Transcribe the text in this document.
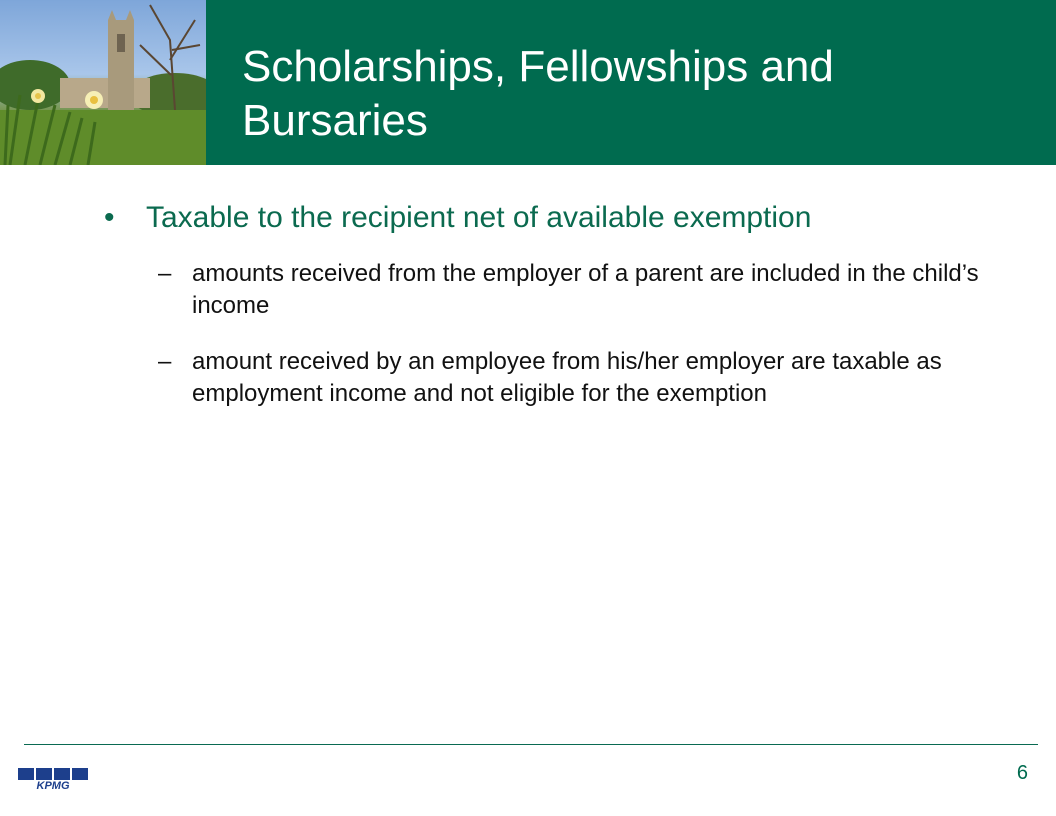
Scholarships, Fellowships and Bursaries
• Taxable to the recipient net of available exemption
– amounts received from the employer of a parent are included in the child’s income
– amount received by an employee from his/her employer are taxable as employment income and not eligible for the exemption
KPMG
6
